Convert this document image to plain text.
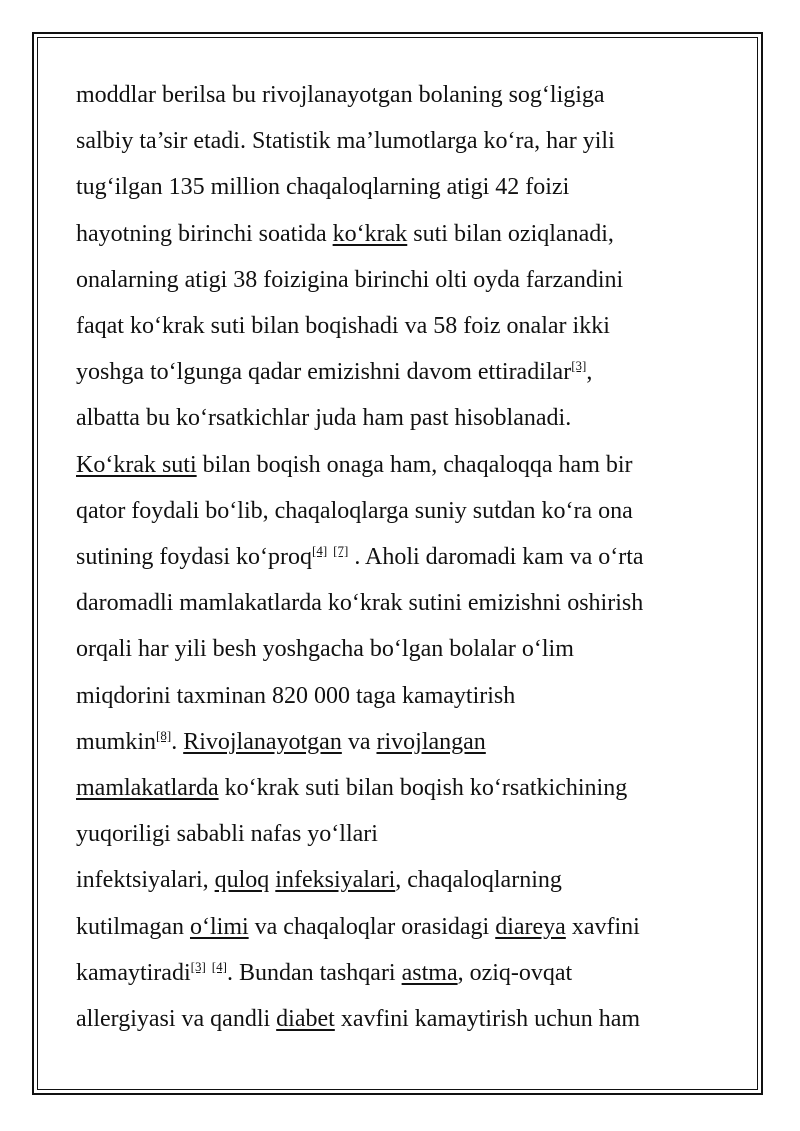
moddlar berilsa bu rivojlanayotgan bolaning sog‘ligiga
salbiy ta’sir etadi. Statistik ma’lumotlarga ko‘ra, har yili
tug‘ilgan 135 million chaqaloqlarning atigi 42 foizi
hayotning birinchi soatida ko‘krak suti bilan oziqlanadi,
onalarning atigi 38 foizigina birinchi olti oyda farzandini
faqat ko‘krak suti bilan boqishadi va 58 foiz onalar ikki
yoshga to‘lgunga qadar emizishni davom ettiradilar[3],
albatta bu ko‘rsatkichlar juda ham past hisoblanadi.
Ko‘krak suti bilan boqish onaga ham, chaqaloqqa ham bir
qator foydali bo‘lib, chaqaloqlarga suniy sutdan ko‘ra ona
sutining foydasi ko‘proq[4] [7] . Aholi daromadi kam va o‘rta
daromadli mamlakatlarda ko‘krak sutini emizishni oshirish
orqali har yili besh yoshgacha bo‘lgan bolalar o‘lim
miqdorini taxminan 820 000 taga kamaytirish
mumkin[8]. Rivojlanayotgan va rivojlangan
mamlakatlarda ko‘krak suti bilan boqish ko‘rsatkichining
yuqoriligi sababli nafas yo‘llari
infektsiyalari, quloq infeksiyalari, chaqaloqlarning
kutilmagan o‘limi va chaqaloqlar orasidagi diareya xavfini
kamaytiradi[3] [4]. Bundan tashqari astma, oziq-ovqat
allergiyasi va qandli diabet xavfini kamaytirish uchun ham
